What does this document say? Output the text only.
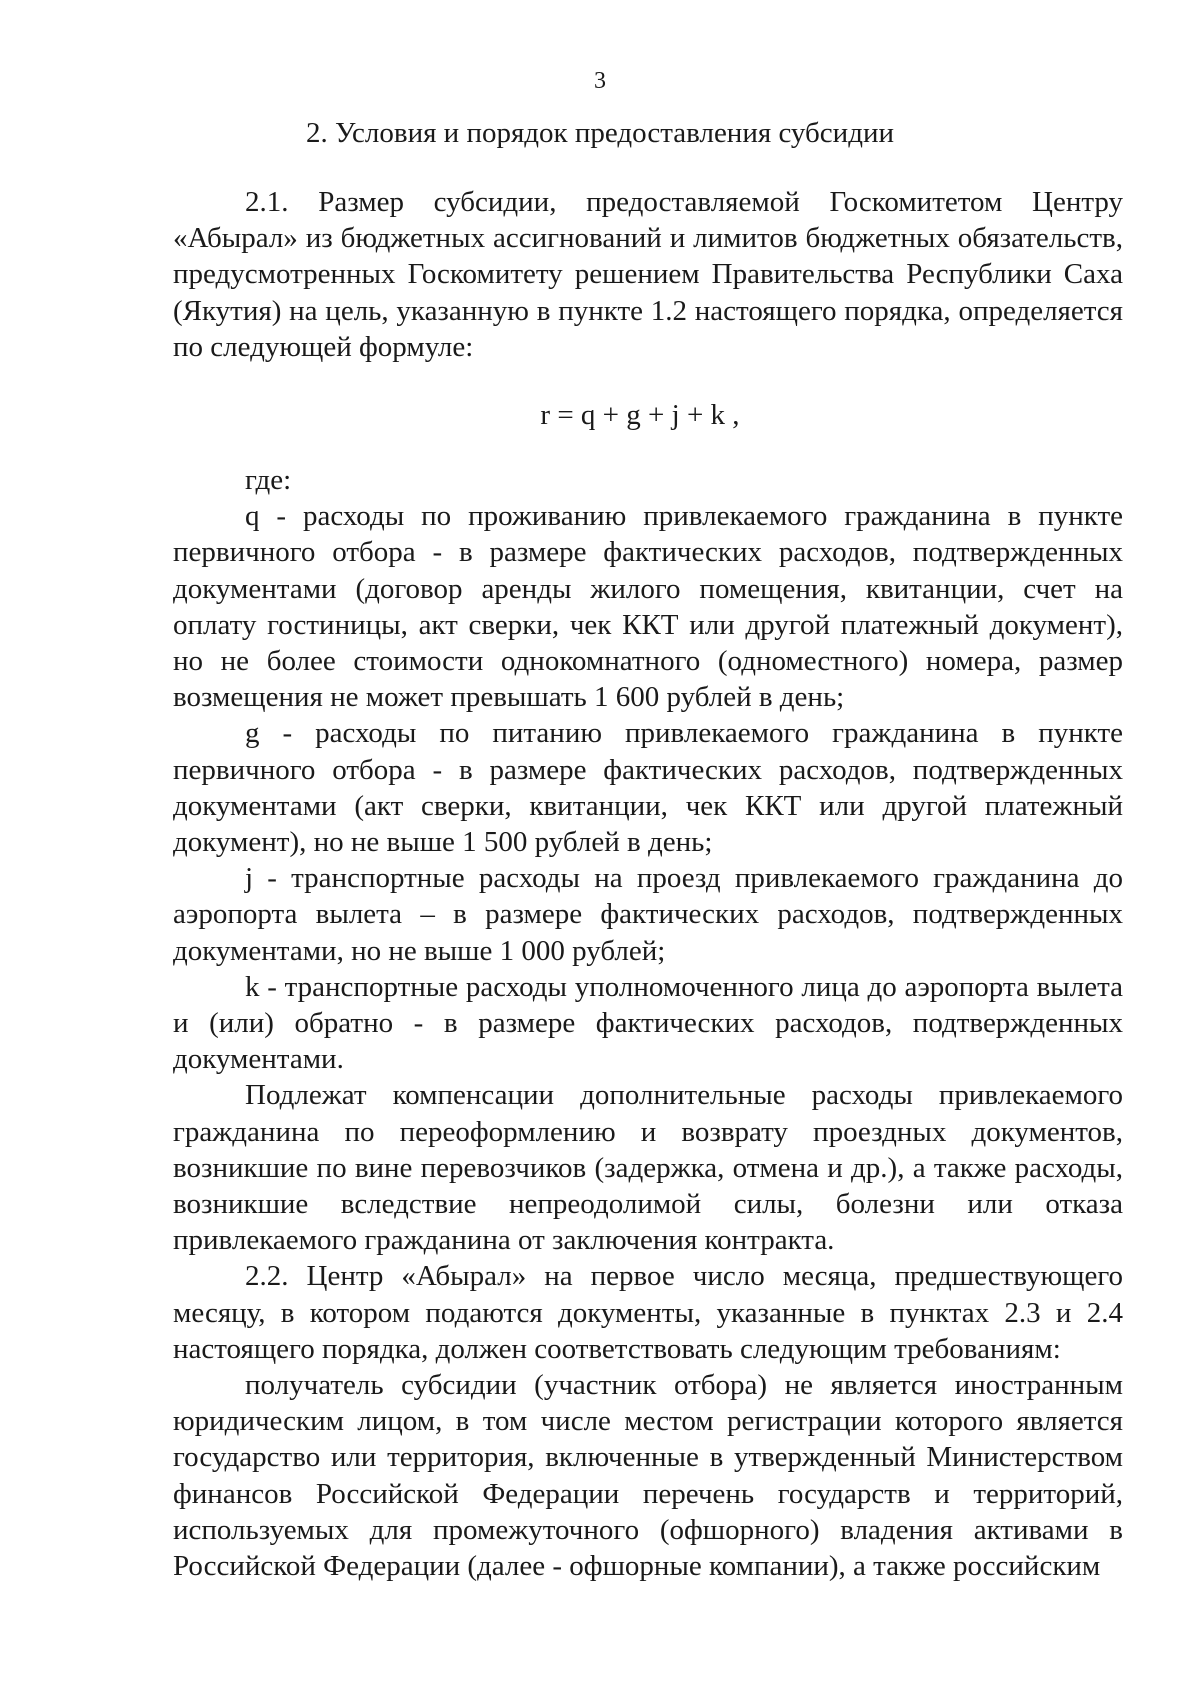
3
2. Условия и порядок предоставления субсидии

2.1. Размер субсидии, предоставляемой Госкомитетом Центру «Абырал» из бюджетных ассигнований и лимитов бюджетных обязательств, предусмотренных Госкомитету решением Правительства Республики Саха (Якутия) на цель, указанную в пункте 1.2 настоящего порядка, определяется по следующей формуле:

r = q + g + j + k ,

где:

q - расходы по проживанию привлекаемого гражданина в пункте первичного отбора - в размере фактических расходов, подтвержденных документами (договор аренды жилого помещения, квитанции, счет на оплату гостиницы, акт сверки, чек ККТ или другой платежный документ), но не более стоимости однокомнатного (одноместного) номера, размер возмещения не может превышать 1 600 рублей в день;

g - расходы по питанию привлекаемого гражданина в пункте первичного отбора - в размере фактических расходов, подтвержденных документами (акт сверки, квитанции, чек ККТ или другой платежный документ), но не выше 1 500 рублей в день;

j - транспортные расходы на проезд привлекаемого гражданина до аэропорта вылета – в размере фактических расходов, подтвержденных документами, но не выше 1 000 рублей;

k - транспортные расходы уполномоченного лица до аэропорта вылета и (или) обратно - в размере фактических расходов, подтвержденных документами.

Подлежат компенсации дополнительные расходы привлекаемого гражданина по переоформлению и возврату проездных документов, возникшие по вине перевозчиков (задержка, отмена и др.), а также расходы, возникшие вследствие непреодолимой силы, болезни или отказа привлекаемого гражданина от заключения контракта.

2.2. Центр «Абырал» на первое число месяца, предшествующего месяцу, в котором подаются документы, указанные в пунктах 2.3 и 2.4 настоящего порядка, должен соответствовать следующим требованиям:

получатель субсидии (участник отбора) не является иностранным юридическим лицом, в том числе местом регистрации которого является государство или территория, включенные в утвержденный Министерством финансов Российской Федерации перечень государств и территорий, используемых для промежуточного (офшорного) владения активами в Российской Федерации (далее - офшорные компании), а также российским
